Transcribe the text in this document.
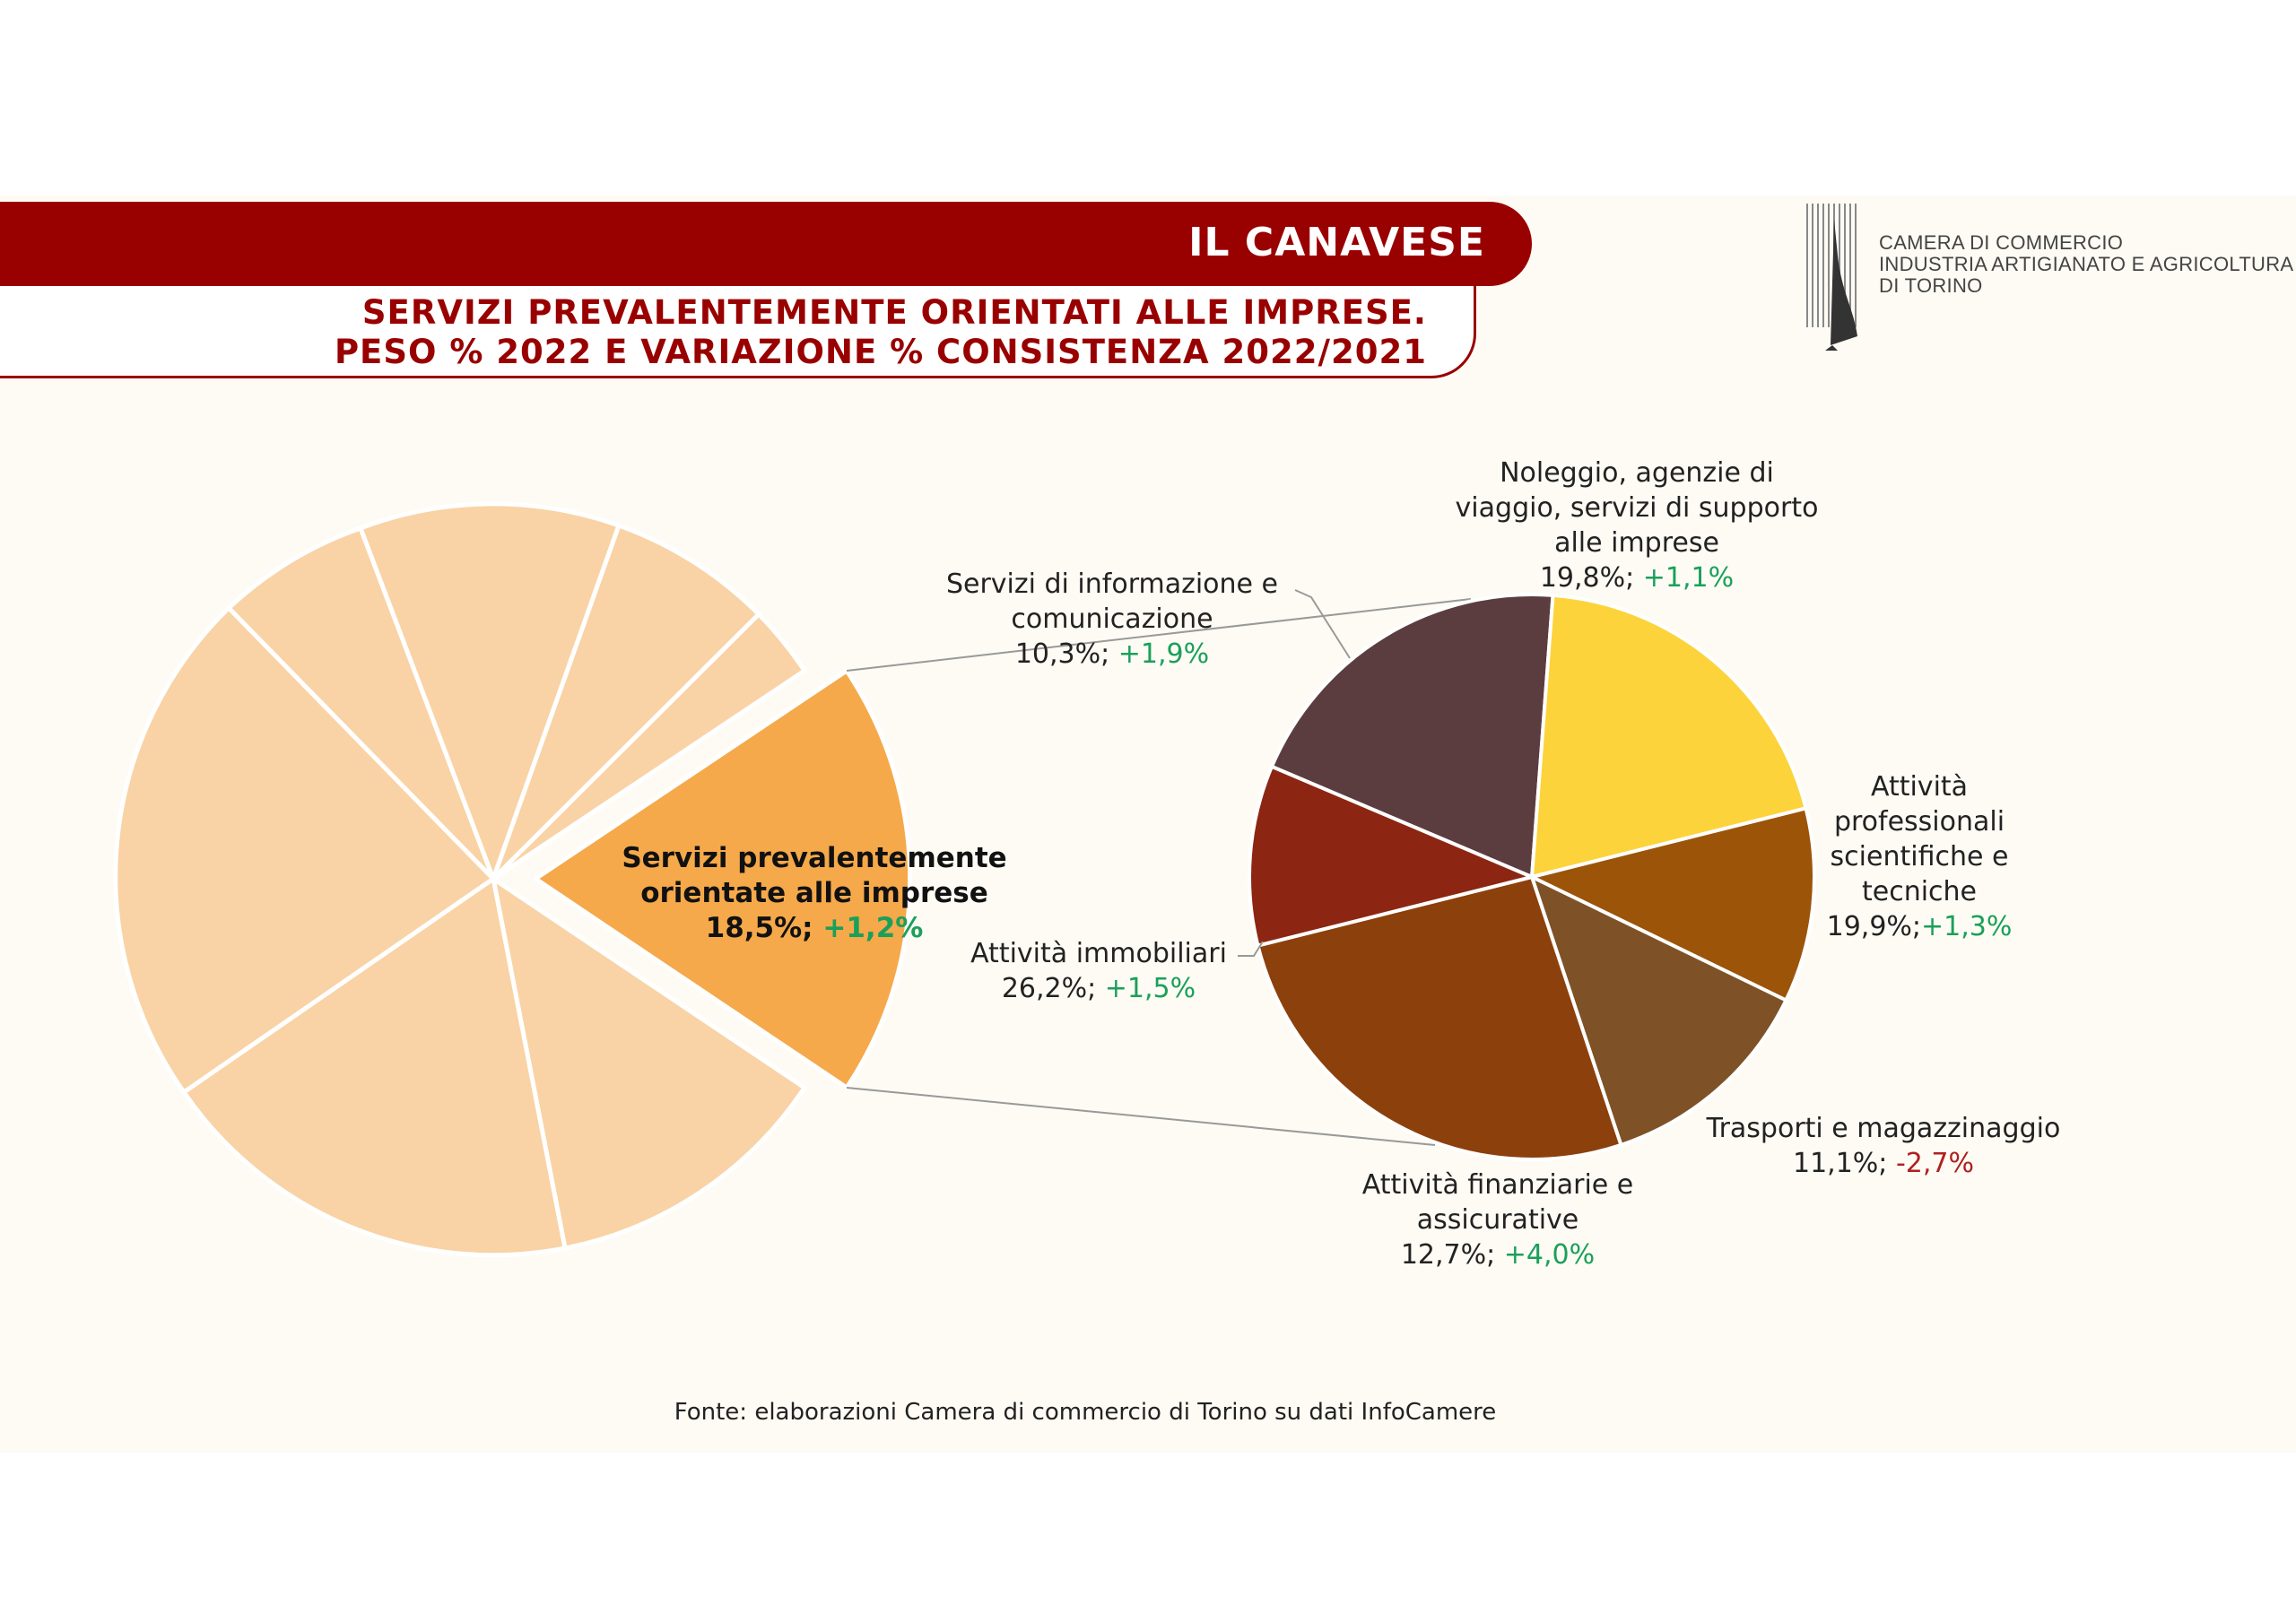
IL CANAVESE
SERVIZI PREVALENTEMENTE ORIENTATI ALLE IMPRESE.
PESO % 2022 E VARIAZIONE % CONSISTENZA 2022/2021
CAMERA DI COMMERCIO
INDUSTRIA ARTIGIANATO E AGRICOLTURA
DI TORINO
Servizi prevalentemente
orientate alle imprese
18,5%; +1,2%
Noleggio, agenzie di
viaggio, servizi di supporto
alle imprese
19,8%; +1,1%
Attività
professionali
scientifiche e
tecniche
19,9%;+1,3%
Trasporti e magazzinaggio
11,1%; -2,7%
Attività finanziarie e
assicurative
12,7%; +4,0%
Attività immobiliari
26,2%; +1,5%
Servizi di informazione e
comunicazione
10,3%; +1,9%
Fonte: elaborazioni Camera di commercio di Torino su dati InfoCamere
